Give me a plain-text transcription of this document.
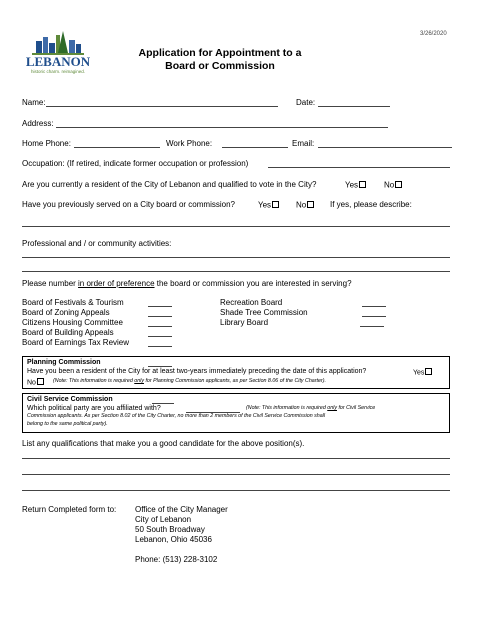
3/26/2020
LEBANON
historic charm. reimagined.
Application for Appointment to a
Board or Commission
Name:	Date:
Address:
Home Phone:	Work Phone:	Email:
Occupation: (If retired, indicate former occupation or profession)
Are you currently a resident of the City of Lebanon and qualified to vote in the City?	Yes	No
Have you previously served on a City board or commission?	Yes	No	If yes, please describe:
Professional and / or community activities:
Please number in order of preference the board or commission you are interested in serving?
Board of Festivals & Tourism
Board of Zoning Appeals
Citizens Housing Committee
Board of Building Appeals
Board of Earnings Tax Review
Recreation Board
Shade Tree Commission
Library Board
Planning Commission
Have you been a resident of the City for at least two-years immediately preceding the date of this application?	Yes
No	(Note: This information is required only for Planning Commission applicants, as per Section 8.06 of the City Charter).
Civil Service Commission
Which political party are you affiliated with?	(Note: This information is required only for Civil Service
Commission applicants. As per Section 8.02 of the City Charter, no more than 2 members of the Civil Service Commission shall
belong to the same political party).
List any qualifications that make you a good candidate for the above position(s).
Return Completed form to: Office of the City Manager
City of Lebanon
50 South Broadway
Lebanon, Ohio 45036
Phone: (513) 228-3102
